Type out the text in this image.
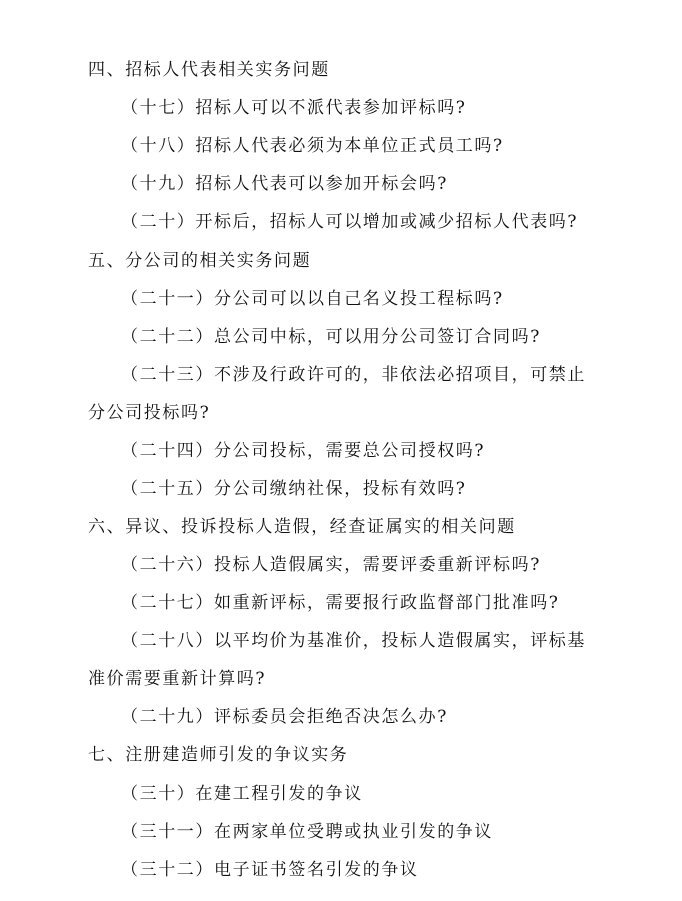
四、招标人代表相关实务问题
（十七）招标人可以不派代表参加评标吗?
（十八）招标人代表必须为本单位正式员工吗?
（十九）招标人代表可以参加开标会吗?
（二十）开标后，招标人可以增加或减少招标人代表吗?
五、分公司的相关实务问题
（二十一）分公司可以以自己名义投工程标吗?
（二十二）总公司中标，可以用分公司签订合同吗?
（二十三）不涉及行政许可的，非依法必招项目，可禁止
分公司投标吗?
（二十四）分公司投标，需要总公司授权吗?
（二十五）分公司缴纳社保，投标有效吗?
六、异议、投诉投标人造假，经查证属实的相关问题
（二十六）投标人造假属实，需要评委重新评标吗?
（二十七）如重新评标，需要报行政监督部门批准吗?
（二十八）以平均价为基准价，投标人造假属实，评标基
准价需要重新计算吗?
（二十九）评标委员会拒绝否决怎么办?
七、注册建造师引发的争议实务
（三十）在建工程引发的争议
（三十一）在两家单位受聘或执业引发的争议
（三十二）电子证书签名引发的争议
